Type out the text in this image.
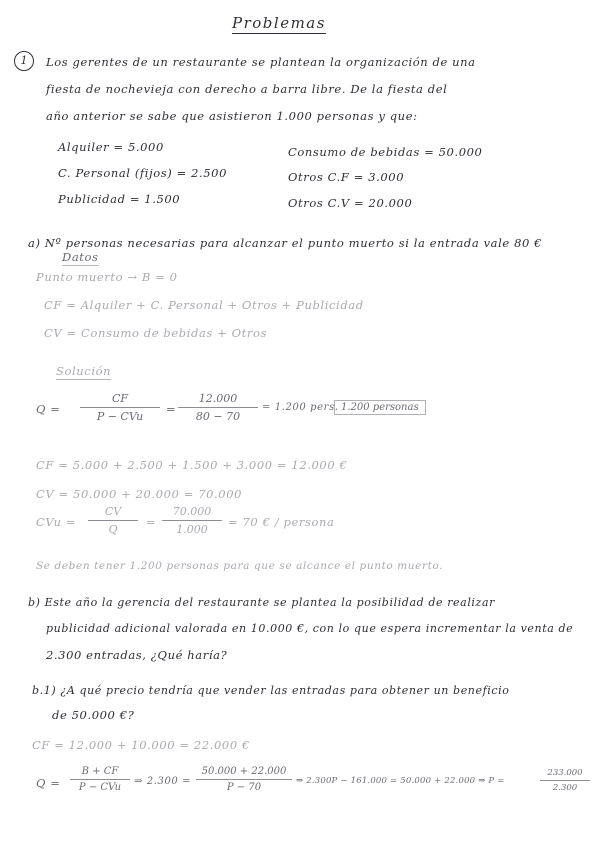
Problemas
1	Los gerentes de un restaurante se plantean la organización de una
fiesta de nochevieja con derecho a barra libre. De la fiesta del
año anterior se sabe que asistieron 1.000 personas y que:
Alquiler = 5.000
C. Personal (fijos) = 2.500
Publicidad = 1.500
Consumo de bebidas = 50.000
Otros C.F = 3.000
Otros C.V = 20.000
a) Nº personas necesarias para alcanzar el punto muerto si la entrada vale 80 €
Datos
Punto muerto → B = 0
CF = Alquiler + C. Personal + Otros + Publicidad
CV = Consumo de bebidas + Otros
Solución
Q =
CF
P − CVu
= $\frac{12.000}{80 - 70} = 1.200$ pers. 1.200 personas
CF = 5.000 + 2.500 + 1.500 + 3.000 = 12.000 €
CV = 50.000 + 20.000 = 70.000
CVu = $\frac{CV}{Q} = \frac{70.000}{1.000} = 70$ € / persona
Se deben tener 1.200 personas para que se alcance el punto muerto.
b) Este año la gerencia del restaurante se plantea la posibilidad de realizar
publicidad adicional valorada en 10.000 €, con lo que espera incrementar la venta de
2.300 entradas, ¿Qué haría?
b.1) ¿A qué precio tendría que vender las entradas para obtener un beneficio
de 50.000 €?
CF = 12.000 + 10.000 = 22.000 €
Q =
B + CF
P − CVu
⇒ $2.300 = \frac{50.000 + 22.000}{P - 70}$ ⇒ 2.300P − 161.000 = 50.000 + 22.000 ⇒ P =	$\frac{233.000}{2.300}$
